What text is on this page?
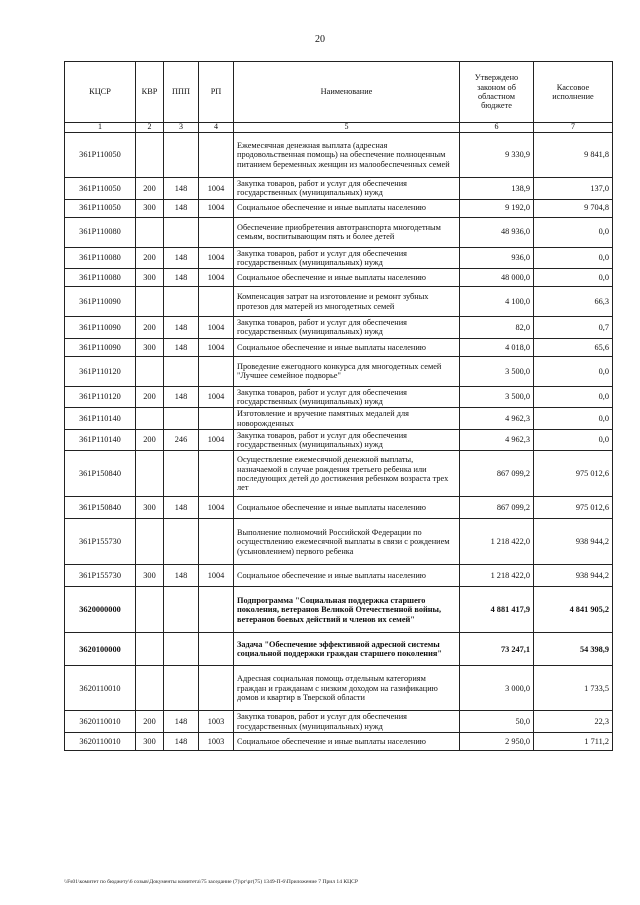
20
КЦСР	КВР	ППП	РП	Наименование	Утверждено законом об областном бюджете	Кассовое исполнение
1	2	3	4	5	6	7
361P110050				Ежемесячная денежная выплата (адресная продовольственная помощь) на обеспечение полноценным питанием беременных женщин из малообеспеченных семей	9 330,9	9 841,8
361P110050	200	148	1004	Закупка товаров, работ и услуг для обеспечения государственных (муниципальных) нужд	138,9	137,0
361P110050	300	148	1004	Социальное обеспечение и иные выплаты населению	9 192,0	9 704,8
361P110080				Обеспечение приобретения автотранспорта многодетным семьям, воспитывающим пять и более детей	48 936,0	0,0
361P110080	200	148	1004	Закупка товаров, работ и услуг для обеспечения государственных (муниципальных) нужд	936,0	0,0
361P110080	300	148	1004	Социальное обеспечение и иные выплаты населению	48 000,0	0,0
361P110090				Компенсация затрат на изготовление и ремонт зубных протезов для матерей из многодетных семей	4 100,0	66,3
361P110090	200	148	1004	Закупка товаров, работ и услуг для обеспечения государственных (муниципальных) нужд	82,0	0,7
361P110090	300	148	1004	Социальное обеспечение и иные выплаты населению	4 018,0	65,6
361P110120				Проведение ежегодного конкурса для многодетных семей "Лучшее семейное подворье"	3 500,0	0,0
361P110120	200	148	1004	Закупка товаров, работ и услуг для обеспечения государственных (муниципальных) нужд	3 500,0	0,0
361P110140				Изготовление и вручение памятных медалей для новорожденных	4 962,3	0,0
361P110140	200	246	1004	Закупка товаров, работ и услуг для обеспечения государственных (муниципальных) нужд	4 962,3	0,0
361P150840				Осуществление ежемесячной денежной выплаты, назначаемой в случае рождения третьего ребенка или последующих детей до достижения ребенком возраста трех лет	867 099,2	975 012,6
361P150840	300	148	1004	Социальное обеспечение и иные выплаты населению	867 099,2	975 012,6
361P155730				Выполнение полномочий Российской Федерации по осуществлению ежемесячной выплаты в связи с рождением (усыновлением) первого ребенка	1 218 422,0	938 944,2
361P155730	300	148	1004	Социальное обеспечение и иные выплаты населению	1 218 422,0	938 944,2
3620000000				Подпрограмма "Социальная поддержка старшего поколения, ветеранов Великой Отечественной войны, ветеранов боевых действий и членов их семей"	4 881 417,9	4 841 905,2
3620100000				Задача "Обеспечение эффективной адресной системы социальной поддержки граждан старшего поколения"	73 247,1	54 398,9
3620110010				Адресная социальная помощь отдельным категориям граждан и гражданам с низким доходом на газификацию домов и квартир в Тверской области	3 000,0	1 733,5
3620110010	200	148	1003	Закупка товаров, работ и услуг для обеспечения государственных (муниципальных) нужд	50,0	22,3
3620110010	300	148	1003	Социальное обеспечение и иные выплаты населению	2 950,0	1 711,2
\\Fs01\комитет по бюджету\6 созыв\Документы комитета\75 заседание (7)\рг\рг(75) 1349-П-6\Приложение 7 Прил 14 КЦСР
